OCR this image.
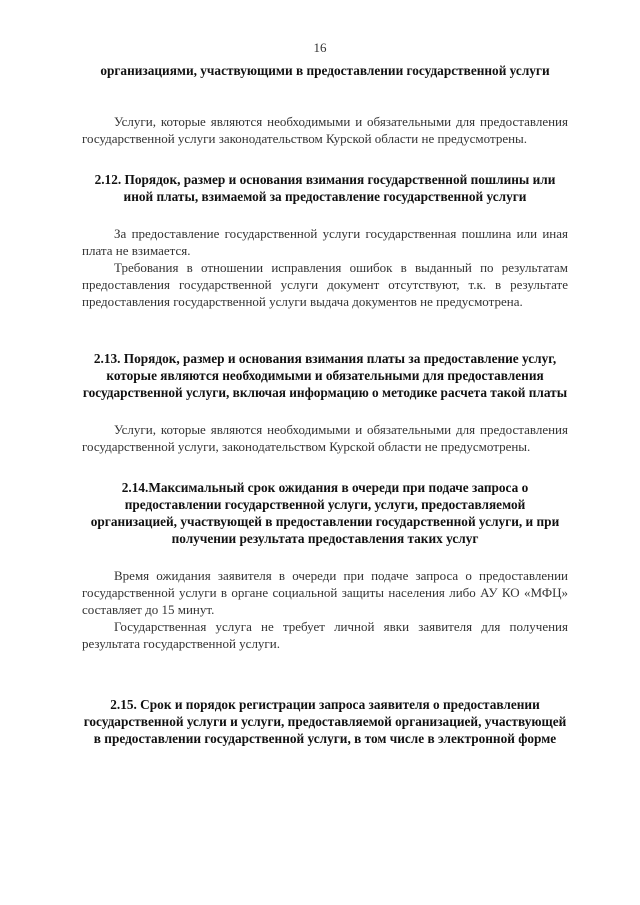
16
организациями, участвующими в предоставлении государственной услуги
Услуги, которые являются необходимыми и обязательными для предоставления государственной услуги законодательством Курской области не предусмотрены.
2.12. Порядок, размер и основания взимания государственной пошлины или иной платы, взимаемой за предоставление государственной услуги
За предоставление государственной услуги государственная пошлина или иная плата не взимается.
Требования в отношении исправления ошибок в выданный по результатам предоставления государственной услуги документ отсутствуют, т.к. в результате предоставления государственной услуги выдача документов не предусмотрена.
2.13. Порядок, размер и основания взимания платы за предоставление услуг, которые являются необходимыми и обязательными для предоставления государственной услуги, включая информацию о методике расчета такой платы
Услуги, которые являются необходимыми и обязательными для предоставления государственной услуги, законодательством Курской области не предусмотрены.
2.14.Максимальный срок ожидания в очереди при подаче запроса о предоставлении государственной услуги, услуги, предоставляемой организацией, участвующей в предоставлении государственной услуги, и при получении результата предоставления таких услуг
Время ожидания заявителя в очереди при подаче запроса о предоставлении государственной услуги в органе социальной защиты населения либо АУ КО «МФЦ» составляет до 15 минут.
Государственная услуга не требует личной явки заявителя для получения результата государственной услуги.
2.15. Срок и порядок регистрации запроса заявителя о предоставлении государственной услуги и услуги, предоставляемой организацией, участвующей в предоставлении государственной услуги, в том числе в электронной форме
